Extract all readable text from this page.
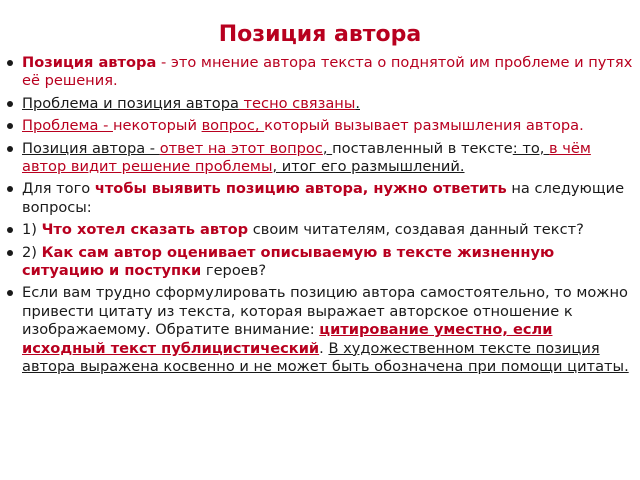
Позиция автора
Позиция автора - это мнение автора текста о поднятой им проблеме и путях её решения.
Проблема и позиция автора тесно связаны.
Проблема - некоторый вопрос, который вызывает размышления автора.
Позиция автора - ответ на этот вопрос, поставленный в тексте: то, в чём автор видит решение проблемы, итог его размышлений.
Для того чтобы выявить позицию автора, нужно ответить на следующие вопросы:
1) Что хотел сказать автор своим читателям, создавая данный текст?
2) Как сам автор оценивает описываемую в тексте жизненную ситуацию и поступки героев?
Если вам трудно сформулировать позицию автора самостоятельно, то можно привести цитату из текста, которая выражает авторское отношение к изображаемому. Обратите внимание: цитирование уместно, если исходный текст публицистический. В художественном тексте позиция автора выражена косвенно и не может быть обозначена при помощи цитаты.
